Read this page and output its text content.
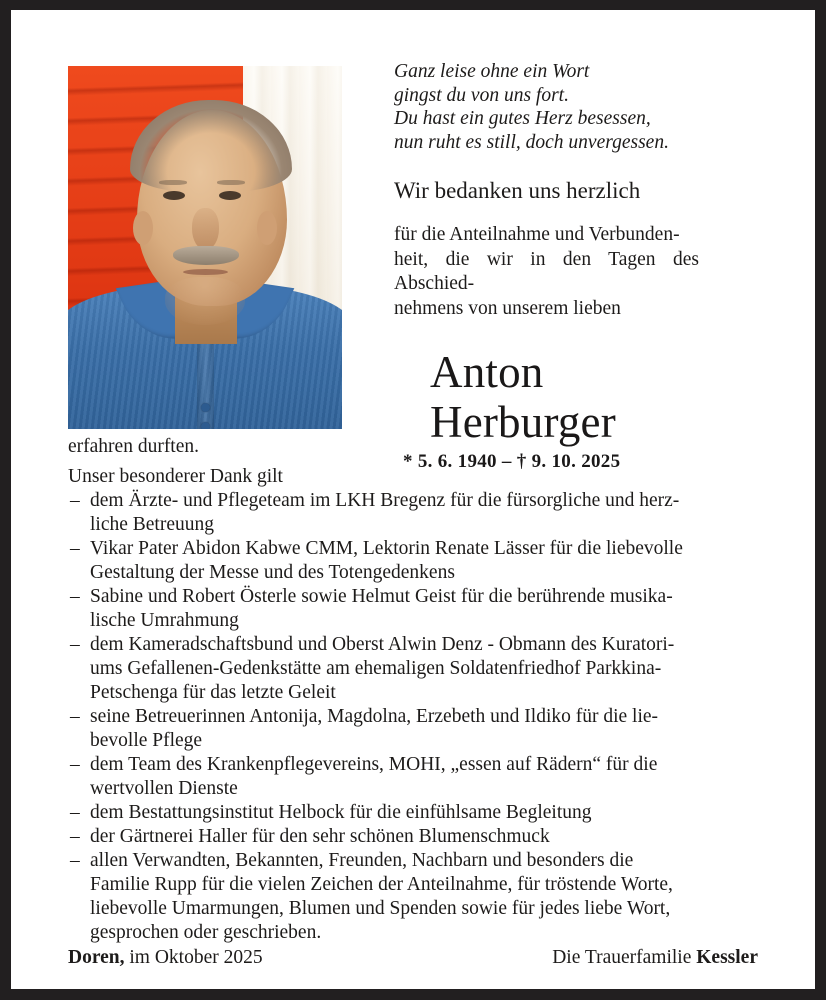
Ganz leise ohne ein Wort
gingst du von uns fort.
Du hast ein gutes Herz besessen,
nun ruht es still, doch unvergessen.
Wir bedanken uns herzlich
für die Anteilnahme und Verbunden-
heit, die wir in den Tagen des Abschied-
nehmens von unserem lieben
Anton
Herburger
* 5. 6. 1940 – † 9. 10. 2025

erfahren durften.

Unser besonderer Dank gilt

– dem Ärzte- und Pflegeteam im LKH Bregenz für die fürsorgliche und herz-
liche Betreuung
– Vikar Pater Abidon Kabwe CMM, Lektorin Renate Lässer für die liebevolle
Gestaltung der Messe und des Totengedenkens
– Sabine und Robert Österle sowie Helmut Geist für die berührende musika-
lische Umrahmung
– dem Kameradschaftsbund und Oberst Alwin Denz - Obmann des Kuratori-
ums Gefallenen-Gedenkstätte am ehemaligen Soldatenfriedhof Parkkina-
Petschenga für das letzte Geleit
– seine Betreuerinnen Antonija, Magdolna, Erzebeth und Ildiko für die lie-
bevolle Pflege
– dem Team des Krankenpflegevereins, MOHI, „essen auf Rädern“ für die
wertvollen Dienste
– dem Bestattungsinstitut Helbock für die einfühlsame Begleitung
– der Gärtnerei Haller für den sehr schönen Blumenschmuck
– allen Verwandten, Bekannten, Freunden, Nachbarn und besonders die
Familie Rupp für die vielen Zeichen der Anteilnahme, für tröstende Worte,
liebevolle Umarmungen, Blumen und Spenden sowie für jedes liebe Wort,
gesprochen oder geschrieben.
Doren, im Oktober 2025	Die Trauerfamilie Kessler
